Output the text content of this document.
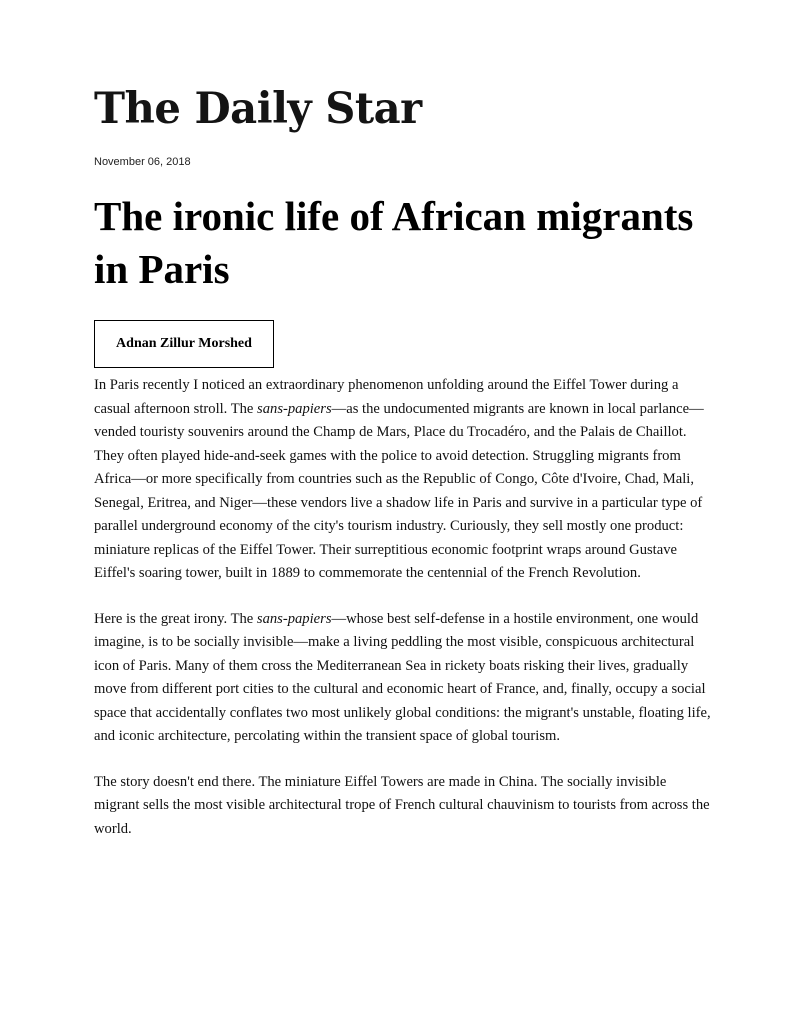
The Daily Star
November 06, 2018
The ironic life of African migrants in Paris
Adnan Zillur Morshed

In Paris recently I noticed an extraordinary phenomenon unfolding around the Eiffel Tower during a casual afternoon stroll. The sans-papiers—as the undocumented migrants are known in local parlance—vended touristy souvenirs around the Champ de Mars, Place du Trocadéro, and the Palais de Chaillot. They often played hide-and-seek games with the police to avoid detection. Struggling migrants from Africa—or more specifically from countries such as the Republic of Congo, Côte d'Ivoire, Chad, Mali, Senegal, Eritrea, and Niger—these vendors live a shadow life in Paris and survive in a particular type of parallel underground economy of the city's tourism industry. Curiously, they sell mostly one product: miniature replicas of the Eiffel Tower. Their surreptitious economic footprint wraps around Gustave Eiffel's soaring tower, built in 1889 to commemorate the centennial of the French Revolution.

Here is the great irony. The sans-papiers—whose best self-defense in a hostile environment, one would imagine, is to be socially invisible—make a living peddling the most visible, conspicuous architectural icon of Paris. Many of them cross the Mediterranean Sea in rickety boats risking their lives, gradually move from different port cities to the cultural and economic heart of France, and, finally, occupy a social space that accidentally conflates two most unlikely global conditions: the migrant's unstable, floating life, and iconic architecture, percolating within the transient space of global tourism.

The story doesn't end there. The miniature Eiffel Towers are made in China. The socially invisible migrant sells the most visible architectural trope of French cultural chauvinism to tourists from across the world.
